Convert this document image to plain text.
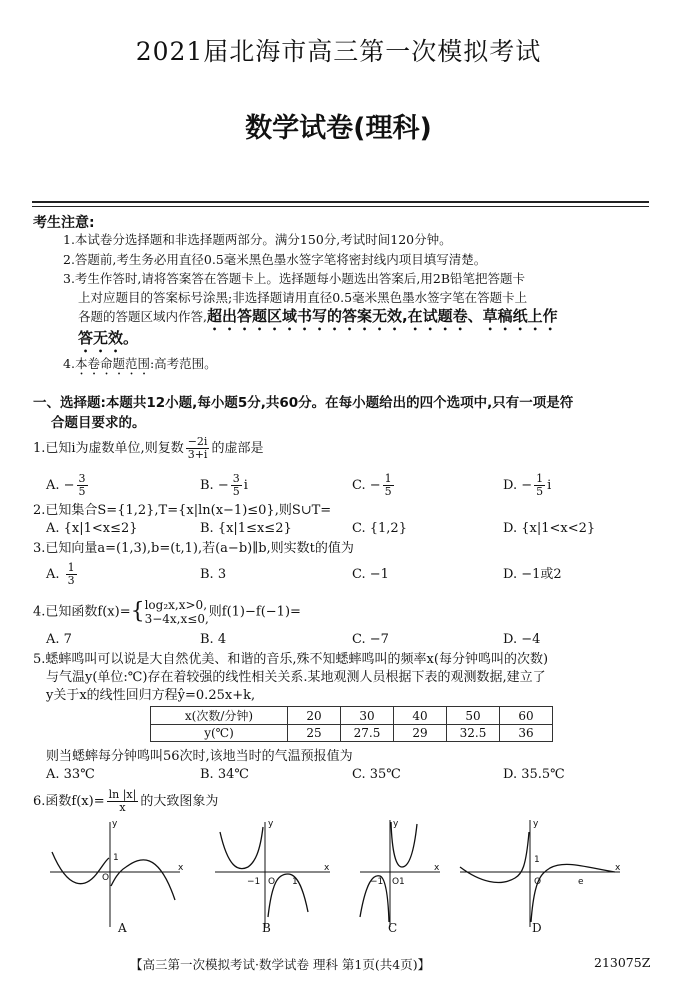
2021届北海市高三第一次模拟考试
数学试卷(理科)
考生注意:
1.本试卷分选择题和非选择题两部分。满分150分,考试时间120分钟。
2.答题前,考生务必用直径0.5毫米黑色墨水签字笔将密封线内项目填写清楚。
3.考生作答时,请将答案答在答题卡上。选择题每小题选出答案后,用2B铅笔把答题卡
上对应题目的答案标号涂黑;非选择题请用直径0.5毫米黑色墨水签字笔在答题卡上
各题的答题区域内作答,超出答题区域书写的答案无效,在试题卷、草稿纸上作
答无效。
4.本卷命题范围:高考范围。
一、选择题:本题共12小题,每小题5分,共60分。在每小题给出的四个选项中,只有一项是符
合题目要求的。
1.已知i为虚数单位,则复数 $\frac{-2i}{3+i}$ 的虚部是
A. − $\frac{3}{5}$	B. − $\frac{3}{5}$ i	C. − $\frac{1}{5}$	D. − $\frac{1}{5}$ i
2.已知集合S={1,2},T={x|ln(x−1)≤0},则S∪T=
A. {x|1<x≤2}	B. {x|1≤x≤2}	C. {1,2}	D. {x|1<x<2}
3.已知向量a=(1,3),b=(t,1),若(a−b)∥b,则实数t的值为
A. $\frac{1}{3}$	B. 3	C. −1	D. −1或2
4.已知函数f(x)={ log₂x,x>0,
3−4x,x≤0, 则f(1)−f(−1)=
A. 7	B. 4	C. −7	D. −4
5.蟋蟀鸣叫可以说是大自然优美、和谐的音乐,殊不知蟋蟀鸣叫的频率x(每分钟鸣叫的次数)
与气温y(单位:℃)存在着较强的线性相关关系.某地观测人员根据下表的观测数据,建立了
y关于x的线性回归方程ŷ=0.25x+k,
x(次数/分钟)	20	30	40	50	60
y(℃)	25	27.5	29	32.5	36
则当蟋蟀每分钟鸣叫56次时,该地当时的气温预报值为
A. 33℃	B. 34℃	C. 35℃	D. 35.5℃
6.函数$f(x)= \frac{\ln |x|}{x}$ 的大致图象为
O
1
x
y	y
−1 O 1
x
y
−1 O 1
x
y
1
O	e
x
A	B	C	D
【高三第一次模拟考试·数学试卷 理科 第1页(共4页)】	213075Z
